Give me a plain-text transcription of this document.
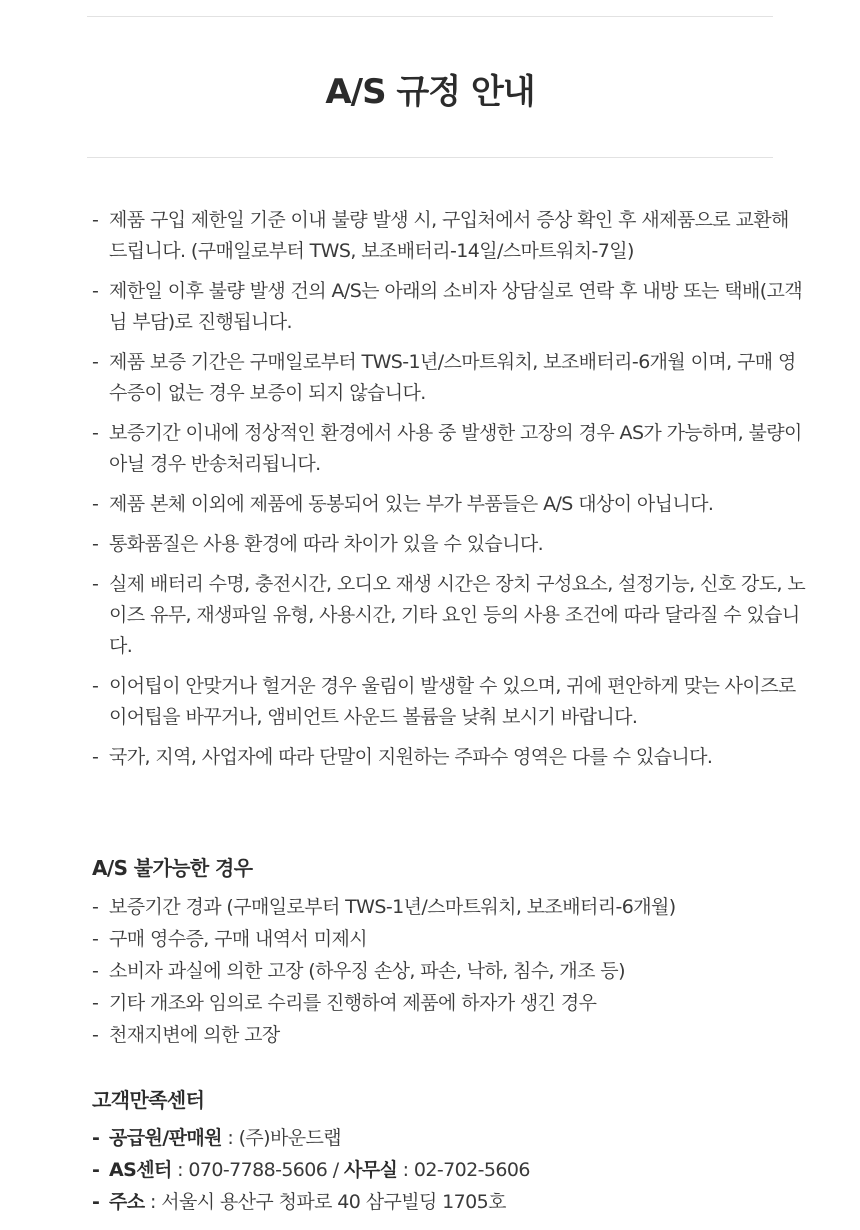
A/S 규정 안내
- 제품 구입 제한일 기준 이내 불량 발생 시, 구입처에서 증상 확인 후 새제품으로 교환해 드립니다. (구매일로부터 TWS, 보조배터리-14일/스마트워치-7일)
- 제한일 이후 불량 발생 건의 A/S는 아래의 소비자 상담실로 연락 후 내방 또는 택배(고객님 부담)로 진행됩니다.
- 제품 보증 기간은 구매일로부터 TWS-1년/스마트워치, 보조배터리-6개월 이며, 구매 영수증이 없는 경우 보증이 되지 않습니다.
- 보증기간 이내에 정상적인 환경에서 사용 중 발생한 고장의 경우 AS가 가능하며, 불량이 아닐 경우 반송처리됩니다.
- 제품 본체 이외에 제품에 동봉되어 있는 부가 부품들은 A/S 대상이 아닙니다.
- 통화품질은 사용 환경에 따라 차이가 있을 수 있습니다.
- 실제 배터리 수명, 충전시간, 오디오 재생 시간은 장치 구성요소, 설정기능, 신호 강도, 노이즈 유무, 재생파일 유형, 사용시간, 기타 요인 등의 사용 조건에 따라 달라질 수 있습니다.
- 이어팁이 안맞거나 헐거운 경우 울림이 발생할 수 있으며, 귀에 편안하게 맞는 사이즈로 이어팁을 바꾸거나, 앰비언트 사운드 볼륨을 낮춰 보시기 바랍니다.
- 국가, 지역, 사업자에 따라 단말이 지원하는 주파수 영역은 다를 수 있습니다.
A/S 불가능한 경우
- 보증기간 경과 (구매일로부터 TWS-1년/스마트워치, 보조배터리-6개월)
- 구매 영수증, 구매 내역서 미제시
- 소비자 과실에 의한 고장 (하우징 손상, 파손, 낙하, 침수, 개조 등)
- 기타 개조와 임의로 수리를 진행하여 제품에 하자가 생긴 경우
- 천재지변에 의한 고장
고객만족센터
- 공급원/판매원 : (주)바운드랩
- AS센터 : 070-7788-5606 / 사무실 : 02-702-5606
- 주소 : 서울시 용산구 청파로 40 삼구빌딩 1705호
